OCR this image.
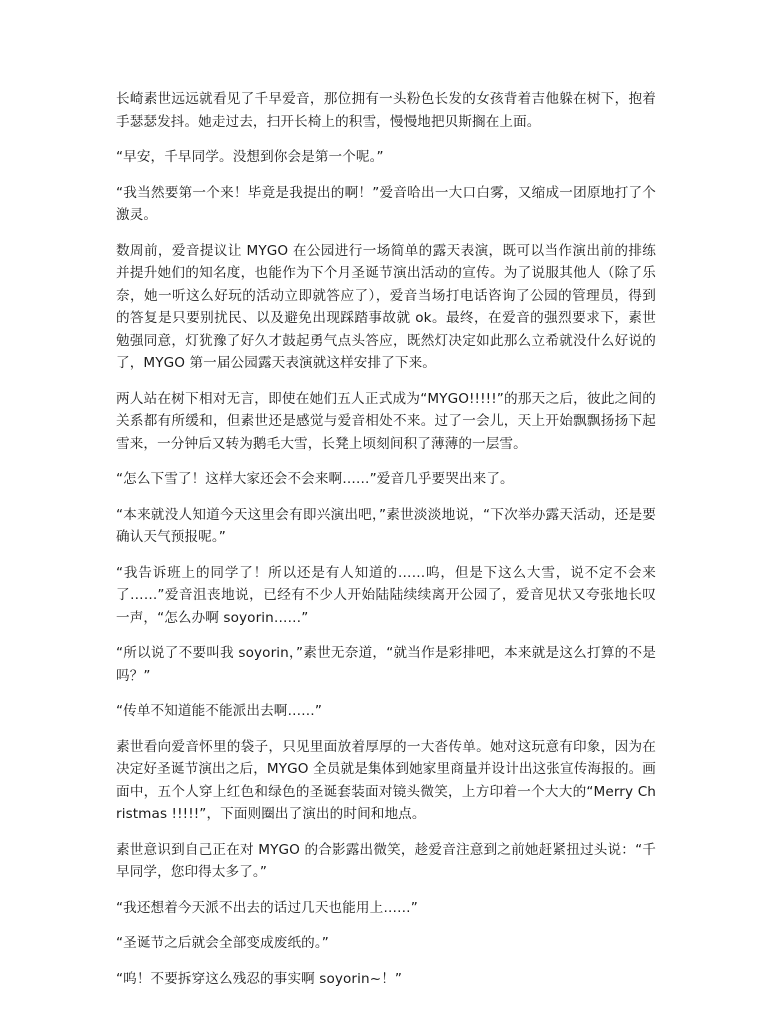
长崎素世远远就看见了千早爱音，那位拥有一头粉色长发的女孩背着吉他躲在树下，抱着手瑟瑟发抖。她走过去，扫开长椅上的积雪，慢慢地把贝斯搁在上面。

“早安，千早同学。没想到你会是第一个呢。”

“我当然要第一个来！毕竟是我提出的啊！”爱音哈出一大口白雾，又缩成一团原地打了个激灵。

数周前，爱音提议让 MYGO 在公园进行一场简单的露天表演，既可以当作演出前的排练并提升她们的知名度，也能作为下个月圣诞节演出活动的宣传。为了说服其他人（除了乐奈，她一听这么好玩的活动立即就答应了），爱音当场打电话咨询了公园的管理员，得到的答复是只要别扰民、以及避免出现踩踏事故就 ok。最终，在爱音的强烈要求下，素世勉强同意，灯犹豫了好久才鼓起勇气点头答应，既然灯决定如此那么立希就没什么好说的了，MYGO 第一届公园露天表演就这样安排了下来。

两人站在树下相对无言，即使在她们五人正式成为“MYGO!!!!!”的那天之后，彼此之间的关系都有所缓和，但素世还是感觉与爱音相处不来。过了一会儿，天上开始飘飘扬扬下起雪来，一分钟后又转为鹅毛大雪，长凳上顷刻间积了薄薄的一层雪。

“怎么下雪了！这样大家还会不会来啊……”爱音几乎要哭出来了。

“本来就没人知道今天这里会有即兴演出吧，”素世淡淡地说，“下次举办露天活动，还是要确认天气预报呢。”

“我告诉班上的同学了！所以还是有人知道的……呜，但是下这么大雪，说不定不会来了……”爱音沮丧地说，已经有不少人开始陆陆续续离开公园了，爱音见状又夸张地长叹一声，“怎么办啊 soyorin……”

“所以说了不要叫我 soyorin，”素世无奈道，“就当作是彩排吧，本来就是这么打算的不是吗？”

“传单不知道能不能派出去啊……”

素世看向爱音怀里的袋子，只见里面放着厚厚的一大沓传单。她对这玩意有印象，因为在决定好圣诞节演出之后，MYGO 全员就是集体到她家里商量并设计出这张宣传海报的。画面中，五个人穿上红色和绿色的圣诞套装面对镜头微笑，上方印着一个大大的“Merry Christmas !!!!!”，下面则圈出了演出的时间和地点。

素世意识到自己正在对 MYGO 的合影露出微笑，趁爱音注意到之前她赶紧扭过头说：“千早同学，您印得太多了。”

“我还想着今天派不出去的话过几天也能用上……”

“圣诞节之后就会全部变成废纸的。”

“呜！不要拆穿这么残忍的事实啊 soyorin~！”
